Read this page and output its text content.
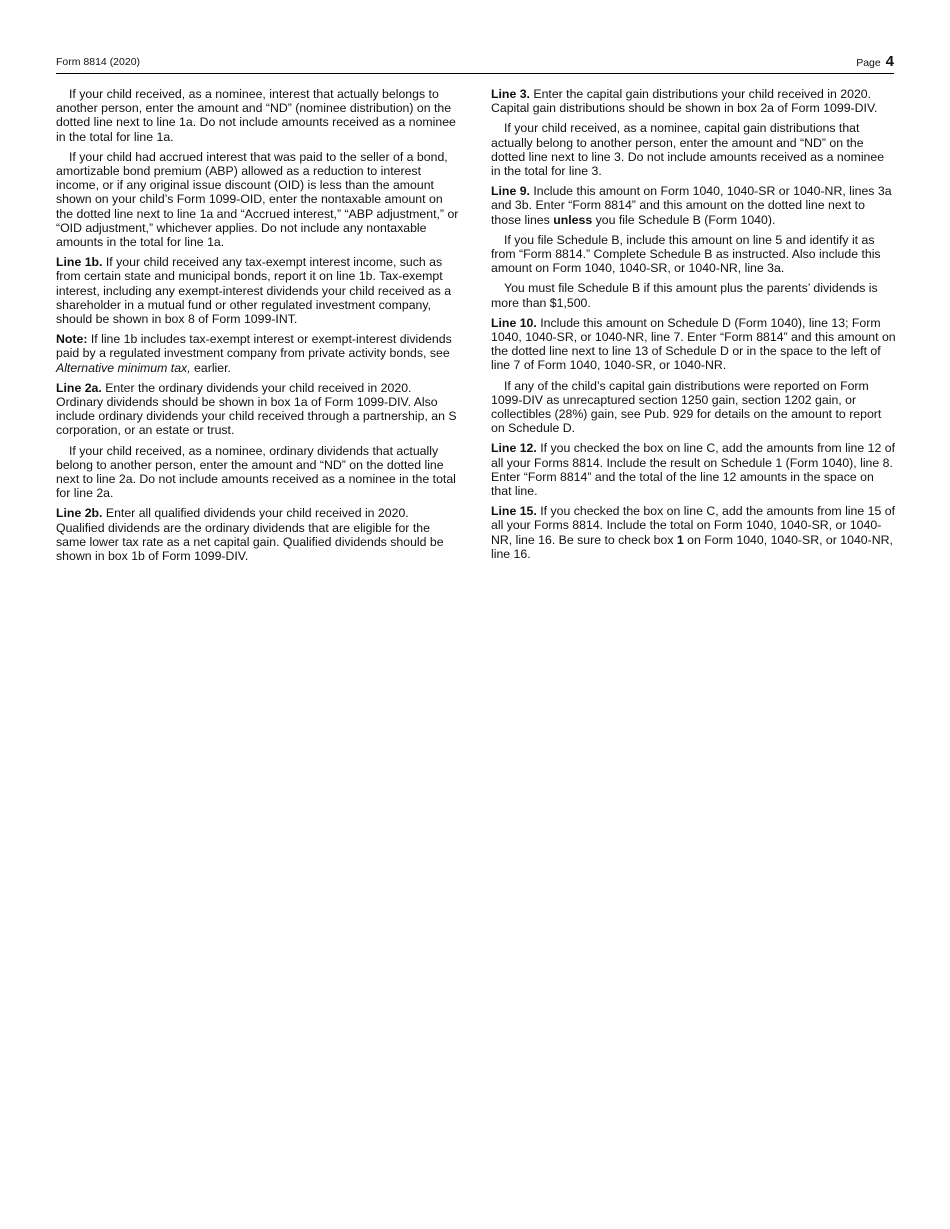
Form 8814 (2020)	Page 4

If your child received, as a nominee, interest that actually belongs to another person, enter the amount and “ND” (nominee distribution) on the dotted line next to line 1a. Do not include amounts received as a nominee in the total for line 1a.

If your child had accrued interest that was paid to the seller of a bond, amortizable bond premium (ABP) allowed as a reduction to interest income, or if any original issue discount (OID) is less than the amount shown on your child’s Form 1099-OID, enter the nontaxable amount on the dotted line next to line 1a and “Accrued interest,” “ABP adjustment,” or “OID adjustment,” whichever applies. Do not include any nontaxable amounts in the total for line 1a.

Line 1b. If your child received any tax-exempt interest income, such as from certain state and municipal bonds, report it on line 1b. Tax-exempt interest, including any exempt-interest dividends your child received as a shareholder in a mutual fund or other regulated investment company, should be shown in box 8 of Form 1099-INT.

Note: If line 1b includes tax-exempt interest or exempt-interest dividends paid by a regulated investment company from private activity bonds, see Alternative minimum tax, earlier.

Line 2a. Enter the ordinary dividends your child received in 2020. Ordinary dividends should be shown in box 1a of Form 1099-DIV. Also include ordinary dividends your child received through a partnership, an S corporation, or an estate or trust.

If your child received, as a nominee, ordinary dividends that actually belong to another person, enter the amount and “ND” on the dotted line next to line 2a. Do not include amounts received as a nominee in the total for line 2a.

Line 2b. Enter all qualified dividends your child received in 2020. Qualified dividends are the ordinary dividends that are eligible for the same lower tax rate as a net capital gain. Qualified dividends should be shown in box 1b of Form 1099-DIV.

Line 3. Enter the capital gain distributions your child received in 2020. Capital gain distributions should be shown in box 2a of Form 1099-DIV.

If your child received, as a nominee, capital gain distributions that actually belong to another person, enter the amount and “ND” on the dotted line next to line 3. Do not include amounts received as a nominee in the total for line 3.

Line 9. Include this amount on Form 1040, 1040-SR or 1040-NR, lines 3a and 3b. Enter “Form 8814” and this amount on the dotted line next to those lines unless you file Schedule B (Form 1040).

If you file Schedule B, include this amount on line 5 and identify it as from “Form 8814.” Complete Schedule B as instructed. Also include this amount on Form 1040, 1040-SR, or 1040-NR, line 3a.

You must file Schedule B if this amount plus the parents’ dividends is more than $1,500.

Line 10. Include this amount on Schedule D (Form 1040), line 13; Form 1040, 1040-SR, or 1040-NR, line 7. Enter “Form 8814” and this amount on the dotted line next to line 13 of Schedule D or in the space to the left of line 7 of Form 1040, 1040-SR, or 1040-NR.

If any of the child’s capital gain distributions were reported on Form 1099-DIV as unrecaptured section 1250 gain, section 1202 gain, or collectibles (28%) gain, see Pub. 929 for details on the amount to report on Schedule D.

Line 12. If you checked the box on line C, add the amounts from line 12 of all your Forms 8814. Include the result on Schedule 1 (Form 1040), line 8. Enter “Form 8814” and the total of the line 12 amounts in the space on that line.

Line 15. If you checked the box on line C, add the amounts from line 15 of all your Forms 8814. Include the total on Form 1040, 1040-SR, or 1040-NR, line 16. Be sure to check box 1 on Form 1040, 1040-SR, or 1040-NR, line 16.
